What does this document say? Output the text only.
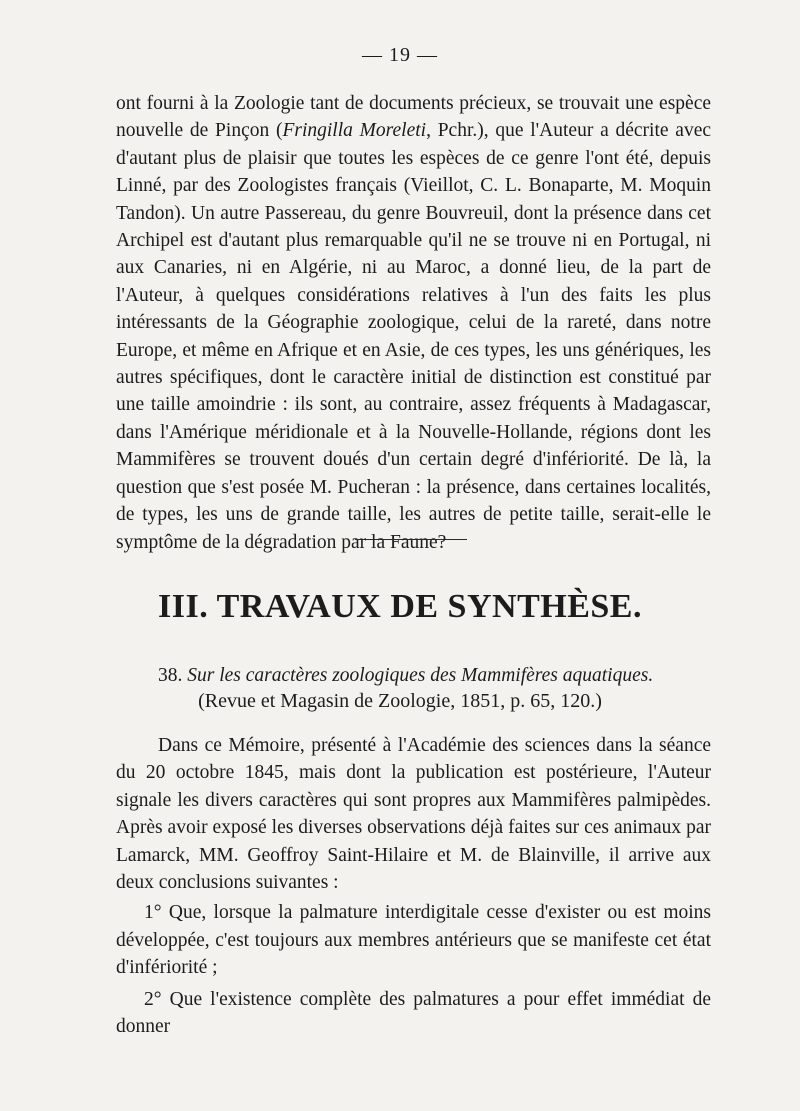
— 19 —

ont fourni à la Zoologie tant de documents précieux, se trouvait une espèce nouvelle de Pinçon (Fringilla Moreleti, Pchr.), que l'Auteur a décrite avec d'autant plus de plaisir que toutes les espèces de ce genre l'ont été, depuis Linné, par des Zoologistes français (Vieillot, C. L. Bonaparte, M. Moquin Tandon). Un autre Passereau, du genre Bouvreuil, dont la présence dans cet Archipel est d'autant plus remarquable qu'il ne se trouve ni en Portugal, ni aux Canaries, ni en Algérie, ni au Maroc, a donné lieu, de la part de l'Auteur, à quelques considérations relatives à l'un des faits les plus intéressants de la Géographie zoologique, celui de la rareté, dans notre Europe, et même en Afrique et en Asie, de ces types, les uns génériques, les autres spécifiques, dont le caractère initial de distinction est constitué par une taille amoindrie : ils sont, au contraire, assez fréquents à Madagascar, dans l'Amérique méridionale et à la Nouvelle-Hollande, régions dont les Mammifères se trouvent doués d'un certain degré d'infériorité. De là, la question que s'est posée M. Pucheran : la présence, dans certaines localités, de types, les uns de grande taille, les autres de petite taille, serait-elle le symptôme de la dégradation par la Faune?

III. TRAVAUX DE SYNTHÈSE.

38. Sur les caractères zoologiques des Mammifères aquatiques.

(Revue et Magasin de Zoologie, 1851, p. 65, 120.)

Dans ce Mémoire, présenté à l'Académie des sciences dans la séance du 20 octobre 1845, mais dont la publication est postérieure, l'Auteur signale les divers caractères qui sont propres aux Mammifères palmipèdes. Après avoir exposé les diverses observations déjà faites sur ces animaux par Lamarck, MM. Geoffroy Saint-Hilaire et M. de Blainville, il arrive aux deux conclusions suivantes :

1° Que, lorsque la palmature interdigitale cesse d'exister ou est moins développée, c'est toujours aux membres antérieurs que se manifeste cet état d'infériorité ;

2° Que l'existence complète des palmatures a pour effet immédiat de donner
